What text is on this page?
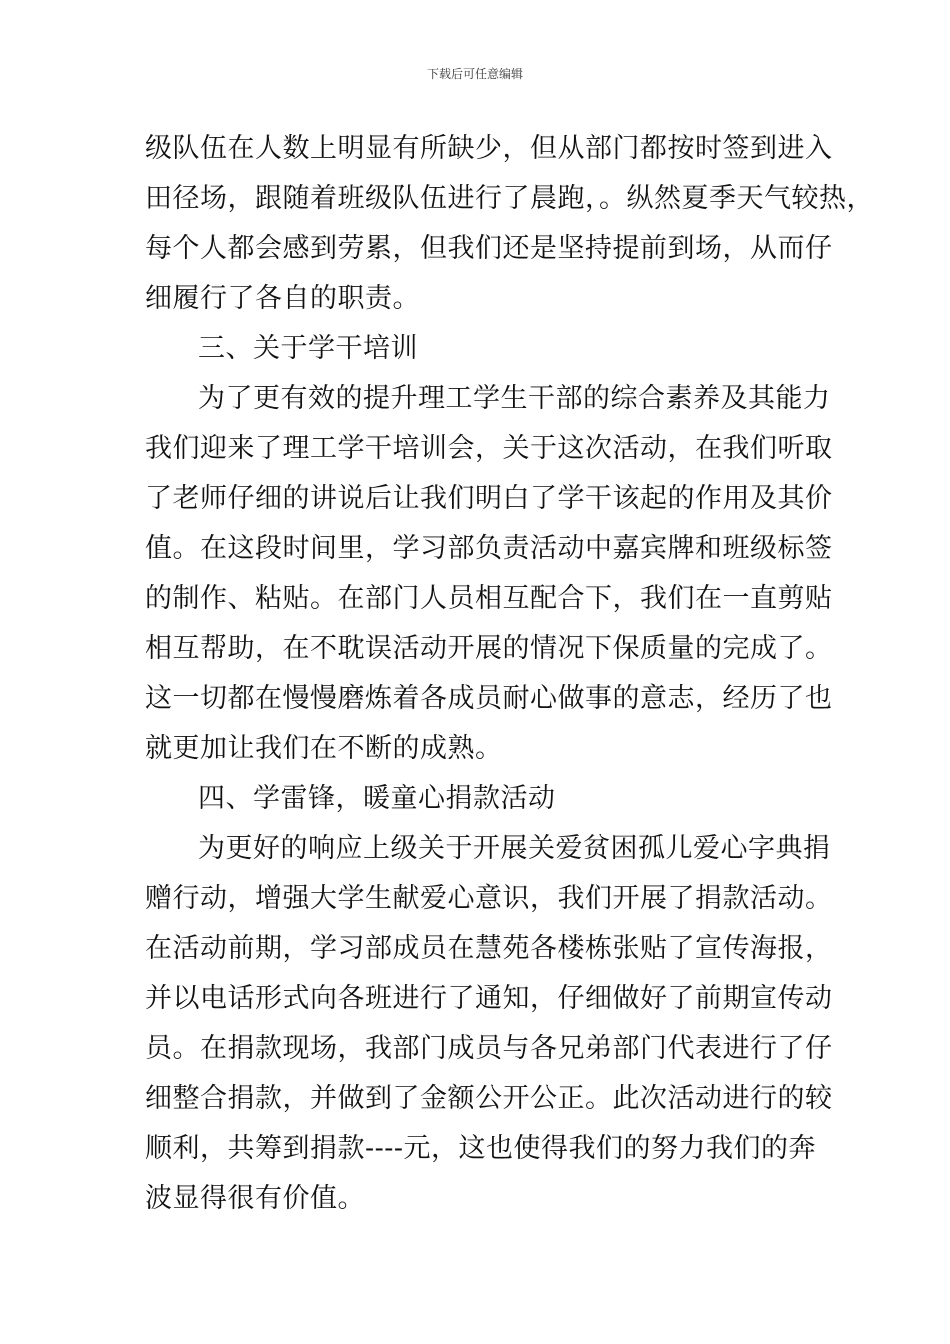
下载后可任意编辑
级队伍在人数上明显有所缺少，但从部门都按时签到进入
田径场，跟随着班级队伍进行了晨跑，。纵然夏季天气较热，
每个人都会感到劳累，但我们还是坚持提前到场，从而仔
细履行了各自的职责。
三、关于学干培训
为了更有效的提升理工学生干部的综合素养及其能力
我们迎来了理工学干培训会，关于这次活动，在我们听取
了老师仔细的讲说后让我们明白了学干该起的作用及其价
值。在这段时间里，学习部负责活动中嘉宾牌和班级标签
的制作、粘贴。在部门人员相互配合下，我们在一直剪贴
相互帮助，在不耽误活动开展的情况下保质量的完成了。
这一切都在慢慢磨炼着各成员耐心做事的意志，经历了也
就更加让我们在不断的成熟。
四、学雷锋，暖童心捐款活动
为更好的响应上级关于开展关爱贫困孤儿爱心字典捐
赠行动，增强大学生献爱心意识，我们开展了捐款活动。
在活动前期，学习部成员在慧苑各楼栋张贴了宣传海报，
并以电话形式向各班进行了通知，仔细做好了前期宣传动
员。在捐款现场，我部门成员与各兄弟部门代表进行了仔
细整合捐款，并做到了金额公开公正。此次活动进行的较
顺利，共筹到捐款----元，这也使得我们的努力我们的奔
波显得很有价值。
